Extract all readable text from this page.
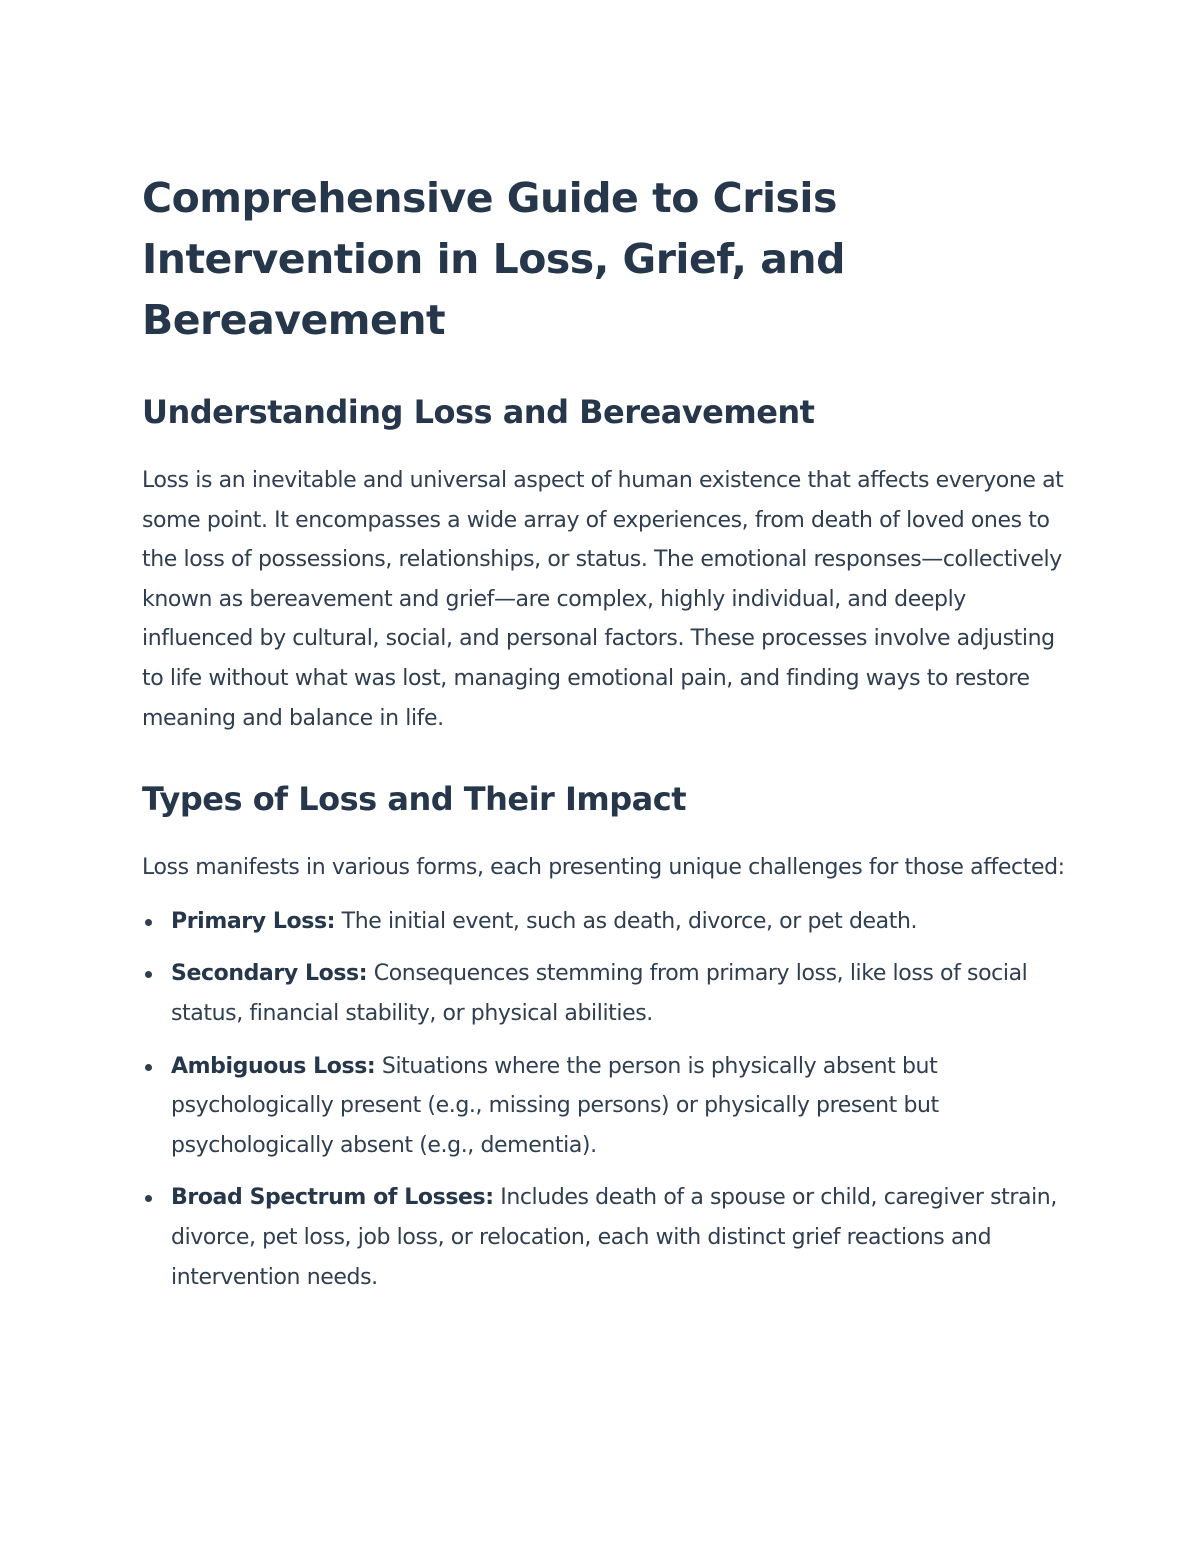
Comprehensive Guide to Crisis Intervention in Loss, Grief, and Bereavement
Understanding Loss and Bereavement

Loss is an inevitable and universal aspect of human existence that affects everyone at some point. It encompasses a wide array of experiences, from death of loved ones to the loss of possessions, relationships, or status. The emotional responses—collectively known as bereavement and grief—are complex, highly individual, and deeply influenced by cultural, social, and personal factors. These processes involve adjusting to life without what was lost, managing emotional pain, and finding ways to restore meaning and balance in life.

Types of Loss and Their Impact

Loss manifests in various forms, each presenting unique challenges for those affected:

Primary Loss: The initial event, such as death, divorce, or pet death.
Secondary Loss: Consequences stemming from primary loss, like loss of social status, financial stability, or physical abilities.
Ambiguous Loss: Situations where the person is physically absent but psychologically present (e.g., missing persons) or physically present but psychologically absent (e.g., dementia).
Broad Spectrum of Losses: Includes death of a spouse or child, caregiver strain, divorce, pet loss, job loss, or relocation, each with distinct grief reactions and intervention needs.
